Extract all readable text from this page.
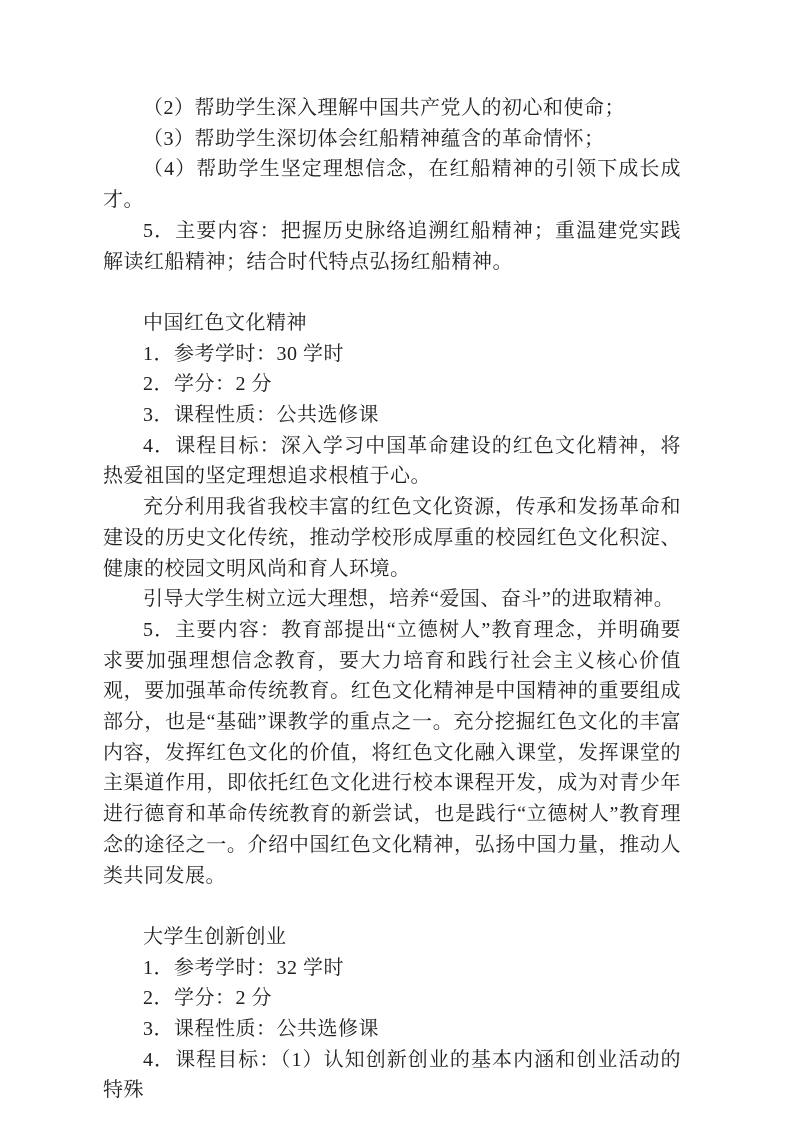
（2）帮助学生深入理解中国共产党人的初心和使命；
（3）帮助学生深切体会红船精神蕴含的革命情怀；
（4）帮助学生坚定理想信念，在红船精神的引领下成长成才。
5．主要内容：把握历史脉络追溯红船精神；重温建党实践解读红船精神；结合时代特点弘扬红船精神。
中国红色文化精神
1．参考学时：30 学时
2．学分：2 分
3．课程性质：公共选修课
4．课程目标：深入学习中国革命建设的红色文化精神，将热爱祖国的坚定理想追求根植于心。
充分利用我省我校丰富的红色文化资源，传承和发扬革命和建设的历史文化传统，推动学校形成厚重的校园红色文化积淀、健康的校园文明风尚和育人环境。
引导大学生树立远大理想，培养“爱国、奋斗”的进取精神。
5．主要内容：教育部提出“立德树人”教育理念，并明确要求要加强理想信念教育，要大力培育和践行社会主义核心价值观，要加强革命传统教育。红色文化精神是中国精神的重要组成部分，也是“基础”课教学的重点之一。充分挖掘红色文化的丰富内容，发挥红色文化的价值，将红色文化融入课堂，发挥课堂的主渠道作用，即依托红色文化进行校本课程开发，成为对青少年进行德育和革命传统教育的新尝试，也是践行“立德树人”教育理念的途径之一。介绍中国红色文化精神，弘扬中国力量，推动人类共同发展。
大学生创新创业
1．参考学时：32 学时
2．学分：2 分
3．课程性质：公共选修课
4．课程目标：（1）认知创新创业的基本内涵和创业活动的特殊
